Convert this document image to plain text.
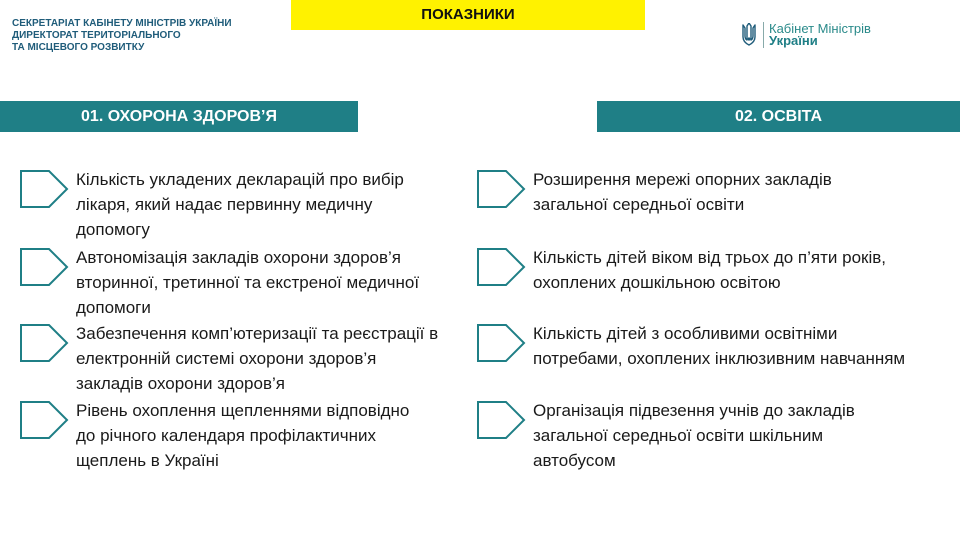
СЕКРЕТАРІАТ КАБІНЕТУ МІНІСТРІВ УКРАЇНИ
ДИРЕКТОРАТ ТЕРИТОРІАЛЬНОГО
ТА МІСЦЕВОГО РОЗВИТКУ
ПОКАЗНИКИ
Кабінет Міністрів
України
01. ОХОРОНА ЗДОРОВ’Я	02. ОСВІТА
Кількість укладених декларацій про вибір
лікаря, який надає первинну медичну
допомогу
Автономізація закладів охорони здоров’я
вторинної, третинної та екстреної медичної
допомоги
Забезпечення комп’ютеризації та реєстрації в
електронній системі охорони здоров’я
закладів охорони здоров’я
Рівень охоплення щепленнями відповідно
до річного календаря профілактичних
щеплень в Україні
Розширення мережі опорних закладів
загальної середньої освіти
Кількість дітей віком від трьох до п’яти років,
охоплених дошкільною освітою
Кількість дітей з особливими освітніми
потребами, охоплених інклюзивним навчанням
Організація підвезення учнів до закладів
загальної середньої освіти шкільним
автобусом
